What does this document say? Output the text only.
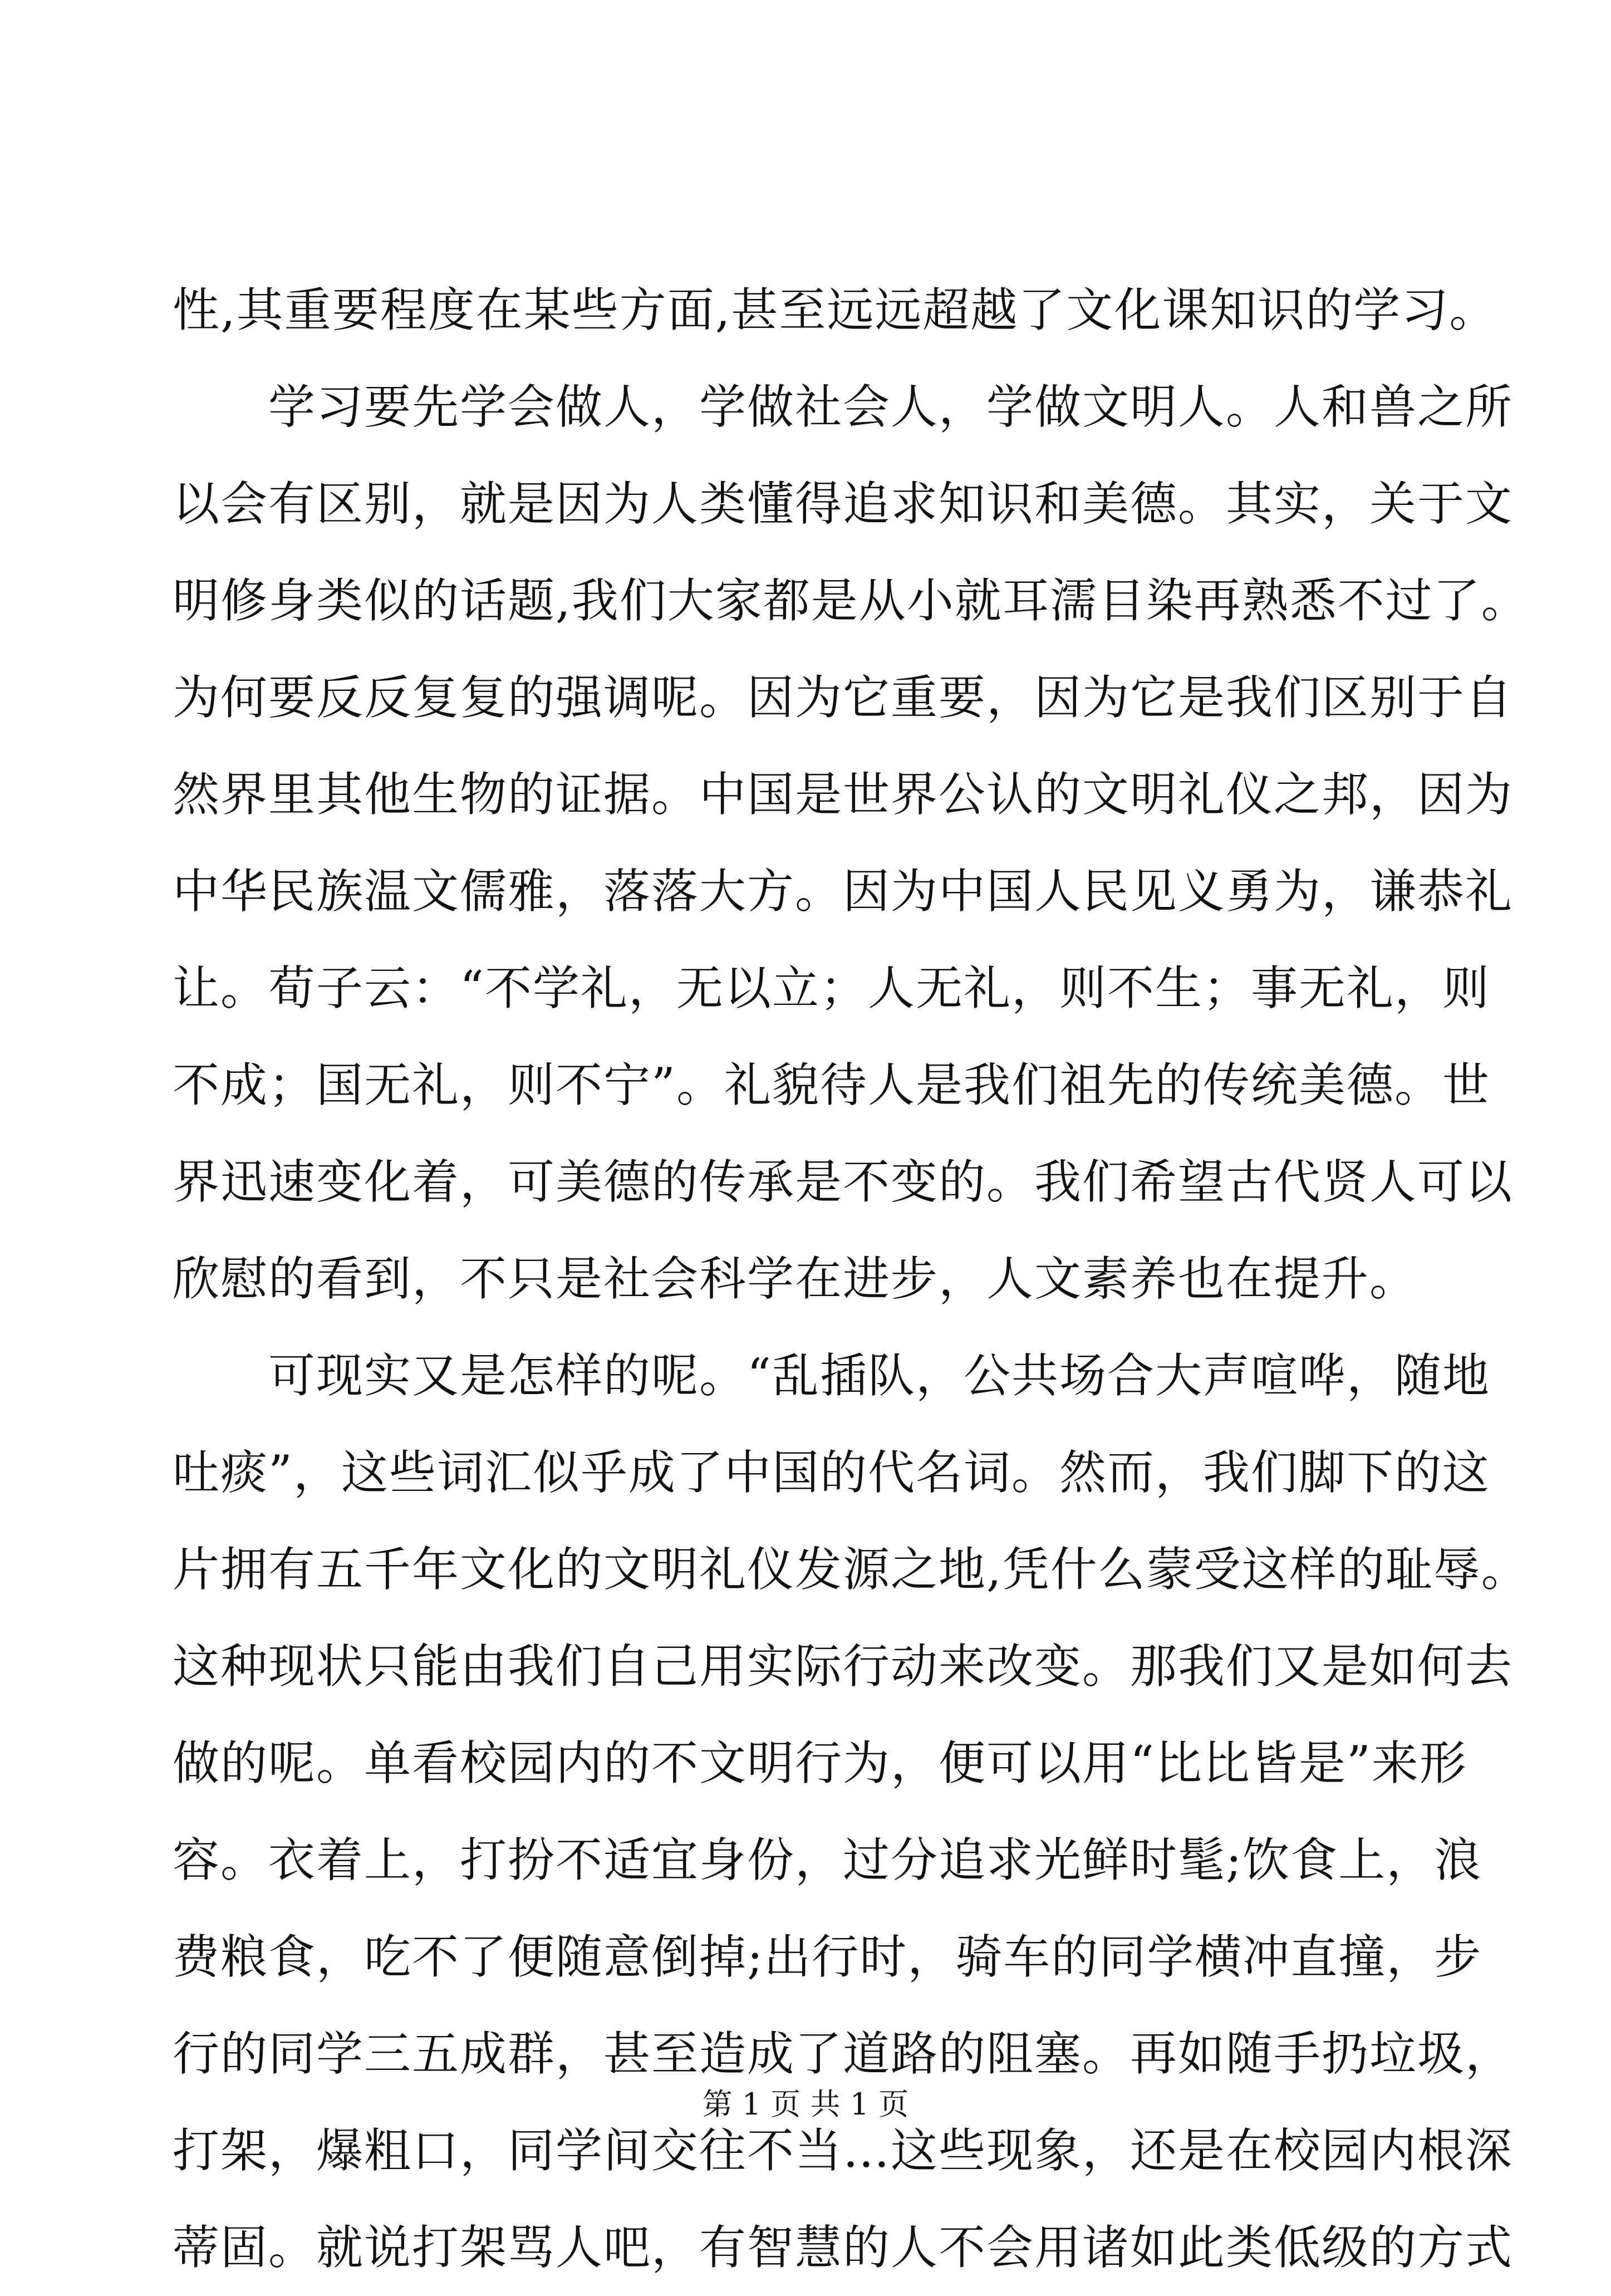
性,其重要程度在某些方面,甚至远远超越了文化课知识的学习。
学习要先学会做人，学做社会人，学做文明人。人和兽之所
以会有区别，就是因为人类懂得追求知识和美德。其实，关于文
明修身类似的话题,我们大家都是从小就耳濡目染再熟悉不过了。
为何要反反复复的强调呢。因为它重要，因为它是我们区别于自
然界里其他生物的证据。中国是世界公认的文明礼仪之邦，因为
中华民族温文儒雅，落落大方。因为中国人民见义勇为，谦恭礼
让。荀子云：“不学礼，无以立；人无礼，则不生；事无礼，则
不成；国无礼，则不宁”。礼貌待人是我们祖先的传统美德。世
界迅速变化着，可美德的传承是不变的。我们希望古代贤人可以
欣慰的看到，不只是社会科学在进步，人文素养也在提升。
可现实又是怎样的呢。“乱插队，公共场合大声喧哗，随地
吐痰”，这些词汇似乎成了中国的代名词。然而，我们脚下的这
片拥有五千年文化的文明礼仪发源之地,凭什么蒙受这样的耻辱。
这种现状只能由我们自己用实际行动来改变。那我们又是如何去
做的呢。单看校园内的不文明行为，便可以用“比比皆是”来形
容。衣着上，打扮不适宜身份，过分追求光鲜时髦;饮食上，浪
费粮食，吃不了便随意倒掉;出行时，骑车的同学横冲直撞，步
行的同学三五成群，甚至造成了道路的阻塞。再如随手扔垃圾，
打架，爆粗口，同学间交往不当…这些现象，还是在校园内根深
蒂固。就说打架骂人吧，有智慧的人不会用诸如此类低级的方式
第 1 页 共 1 页
